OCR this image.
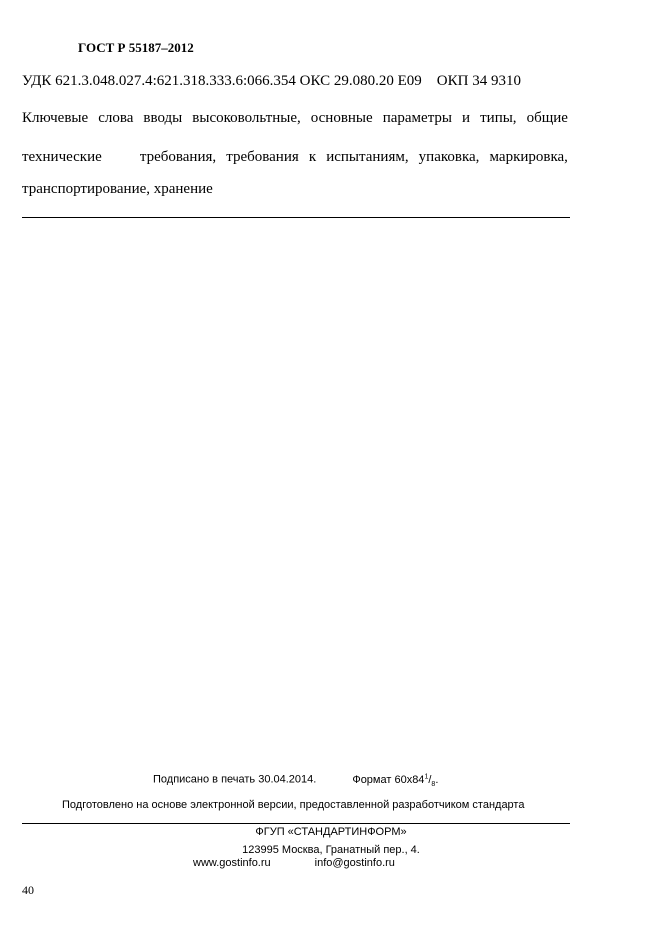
ГОСТ Р 55187–2012
УДК 621.3.048.027.4:621.318.333.6:066.354 ОКС 29.080.20 Е09    ОКП 34 9310
Ключевые слова вводы высоковольтные, основные параметры и типы, общие
технические	требования, требования к испытаниям, упаковка, маркировка,
транспортирование, хранение
Подписано в печать 30.04.2014.	Формат $60x84^1/_8$.
Подготовлено на основе электронной версии, предоставленной разработчиком стандарта
ФГУП «СТАНДАРТИНФОРМ»
123995 Москва, Гранатный пер., 4.
www.gostinfo.ru	info@gostinfo.ru
40
